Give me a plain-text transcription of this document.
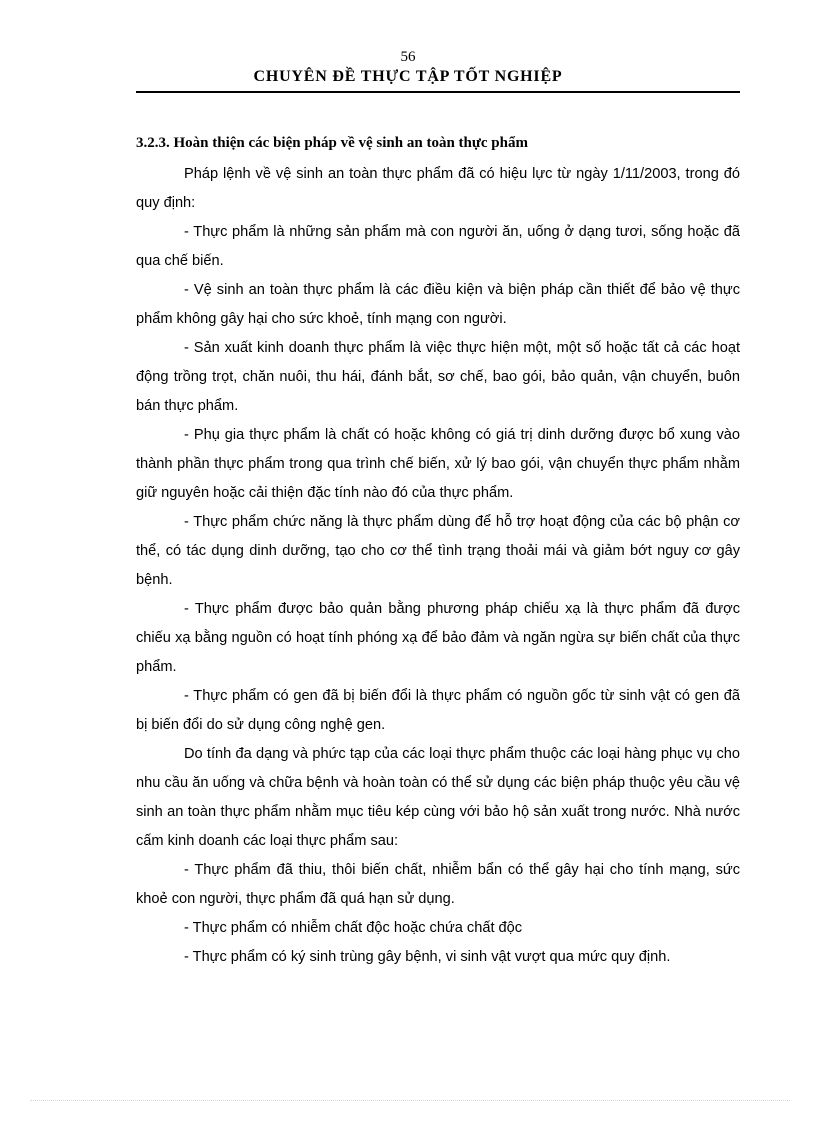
56
CHUYÊN ĐỀ THỰC TẬP TỐT NGHIỆP
3.2.3. Hoàn thiện các biện pháp về vệ sinh an toàn thực phẩm

Pháp lệnh về vệ sinh an toàn thực phẩm đã có hiệu lực từ ngày 1/11/2003, trong đó quy định:

- Thực phẩm là những sản phẩm mà con người ăn, uống ở dạng tươi, sống hoặc đã qua chế biến.

- Vệ sinh an toàn thực phẩm là các điều kiện và biện pháp cần thiết để bảo vệ thực phẩm không gây hại cho sức khoẻ, tính mạng con người.

- Sản xuất kinh doanh thực phẩm là việc thực hiện một, một số hoặc tất cả các hoạt động trồng trọt, chăn nuôi, thu hái, đánh bắt, sơ chế, bao gói, bảo quản, vận chuyển, buôn bán thực phẩm.

- Phụ gia thực phẩm là chất có hoặc không có giá trị dinh dưỡng được bổ xung vào thành phần thực phẩm trong qua trình chế biến, xử lý bao gói, vận chuyển thực phẩm nhằm giữ nguyên hoặc cải thiện đặc tính nào đó của thực phẩm.

- Thực phẩm chức năng là thực phẩm dùng để hỗ trợ hoạt động của các bộ phận cơ thể, có tác dụng dinh dưỡng, tạo cho cơ thể tình trạng thoải mái và giảm bớt nguy cơ gây bệnh.

- Thực phẩm được bảo quản bằng phương pháp chiếu xạ là thực phẩm đã được chiếu xạ bằng nguồn có hoạt tính phóng xạ để bảo đảm và ngăn ngừa sự biến chất của thực phẩm.

- Thực phẩm có gen đã bị biến đổi là thực phẩm có nguồn gốc từ sinh vật có gen đã bị biến đổi do sử dụng công nghệ gen.

Do tính đa dạng và phức tạp của các loại thực phẩm thuộc các loại hàng phục vụ cho nhu cầu ăn uống và chữa bệnh và hoàn toàn có thể sử dụng các biện pháp thuộc yêu cầu vệ sinh an toàn thực phẩm nhằm mục tiêu kép cùng với bảo hộ sản xuất trong nước. Nhà nước cấm kinh doanh các loại thực phẩm sau:

- Thực phẩm đã thiu, thôi biến chất, nhiễm bẩn có thể gây hại cho tính mạng, sức khoẻ con người, thực phẩm đã quá hạn sử dụng.

- Thực phẩm có nhiễm chất độc hoặc chứa chất độc

- Thực phẩm có ký sinh trùng gây bệnh, vi sinh vật vượt qua mức quy định.
